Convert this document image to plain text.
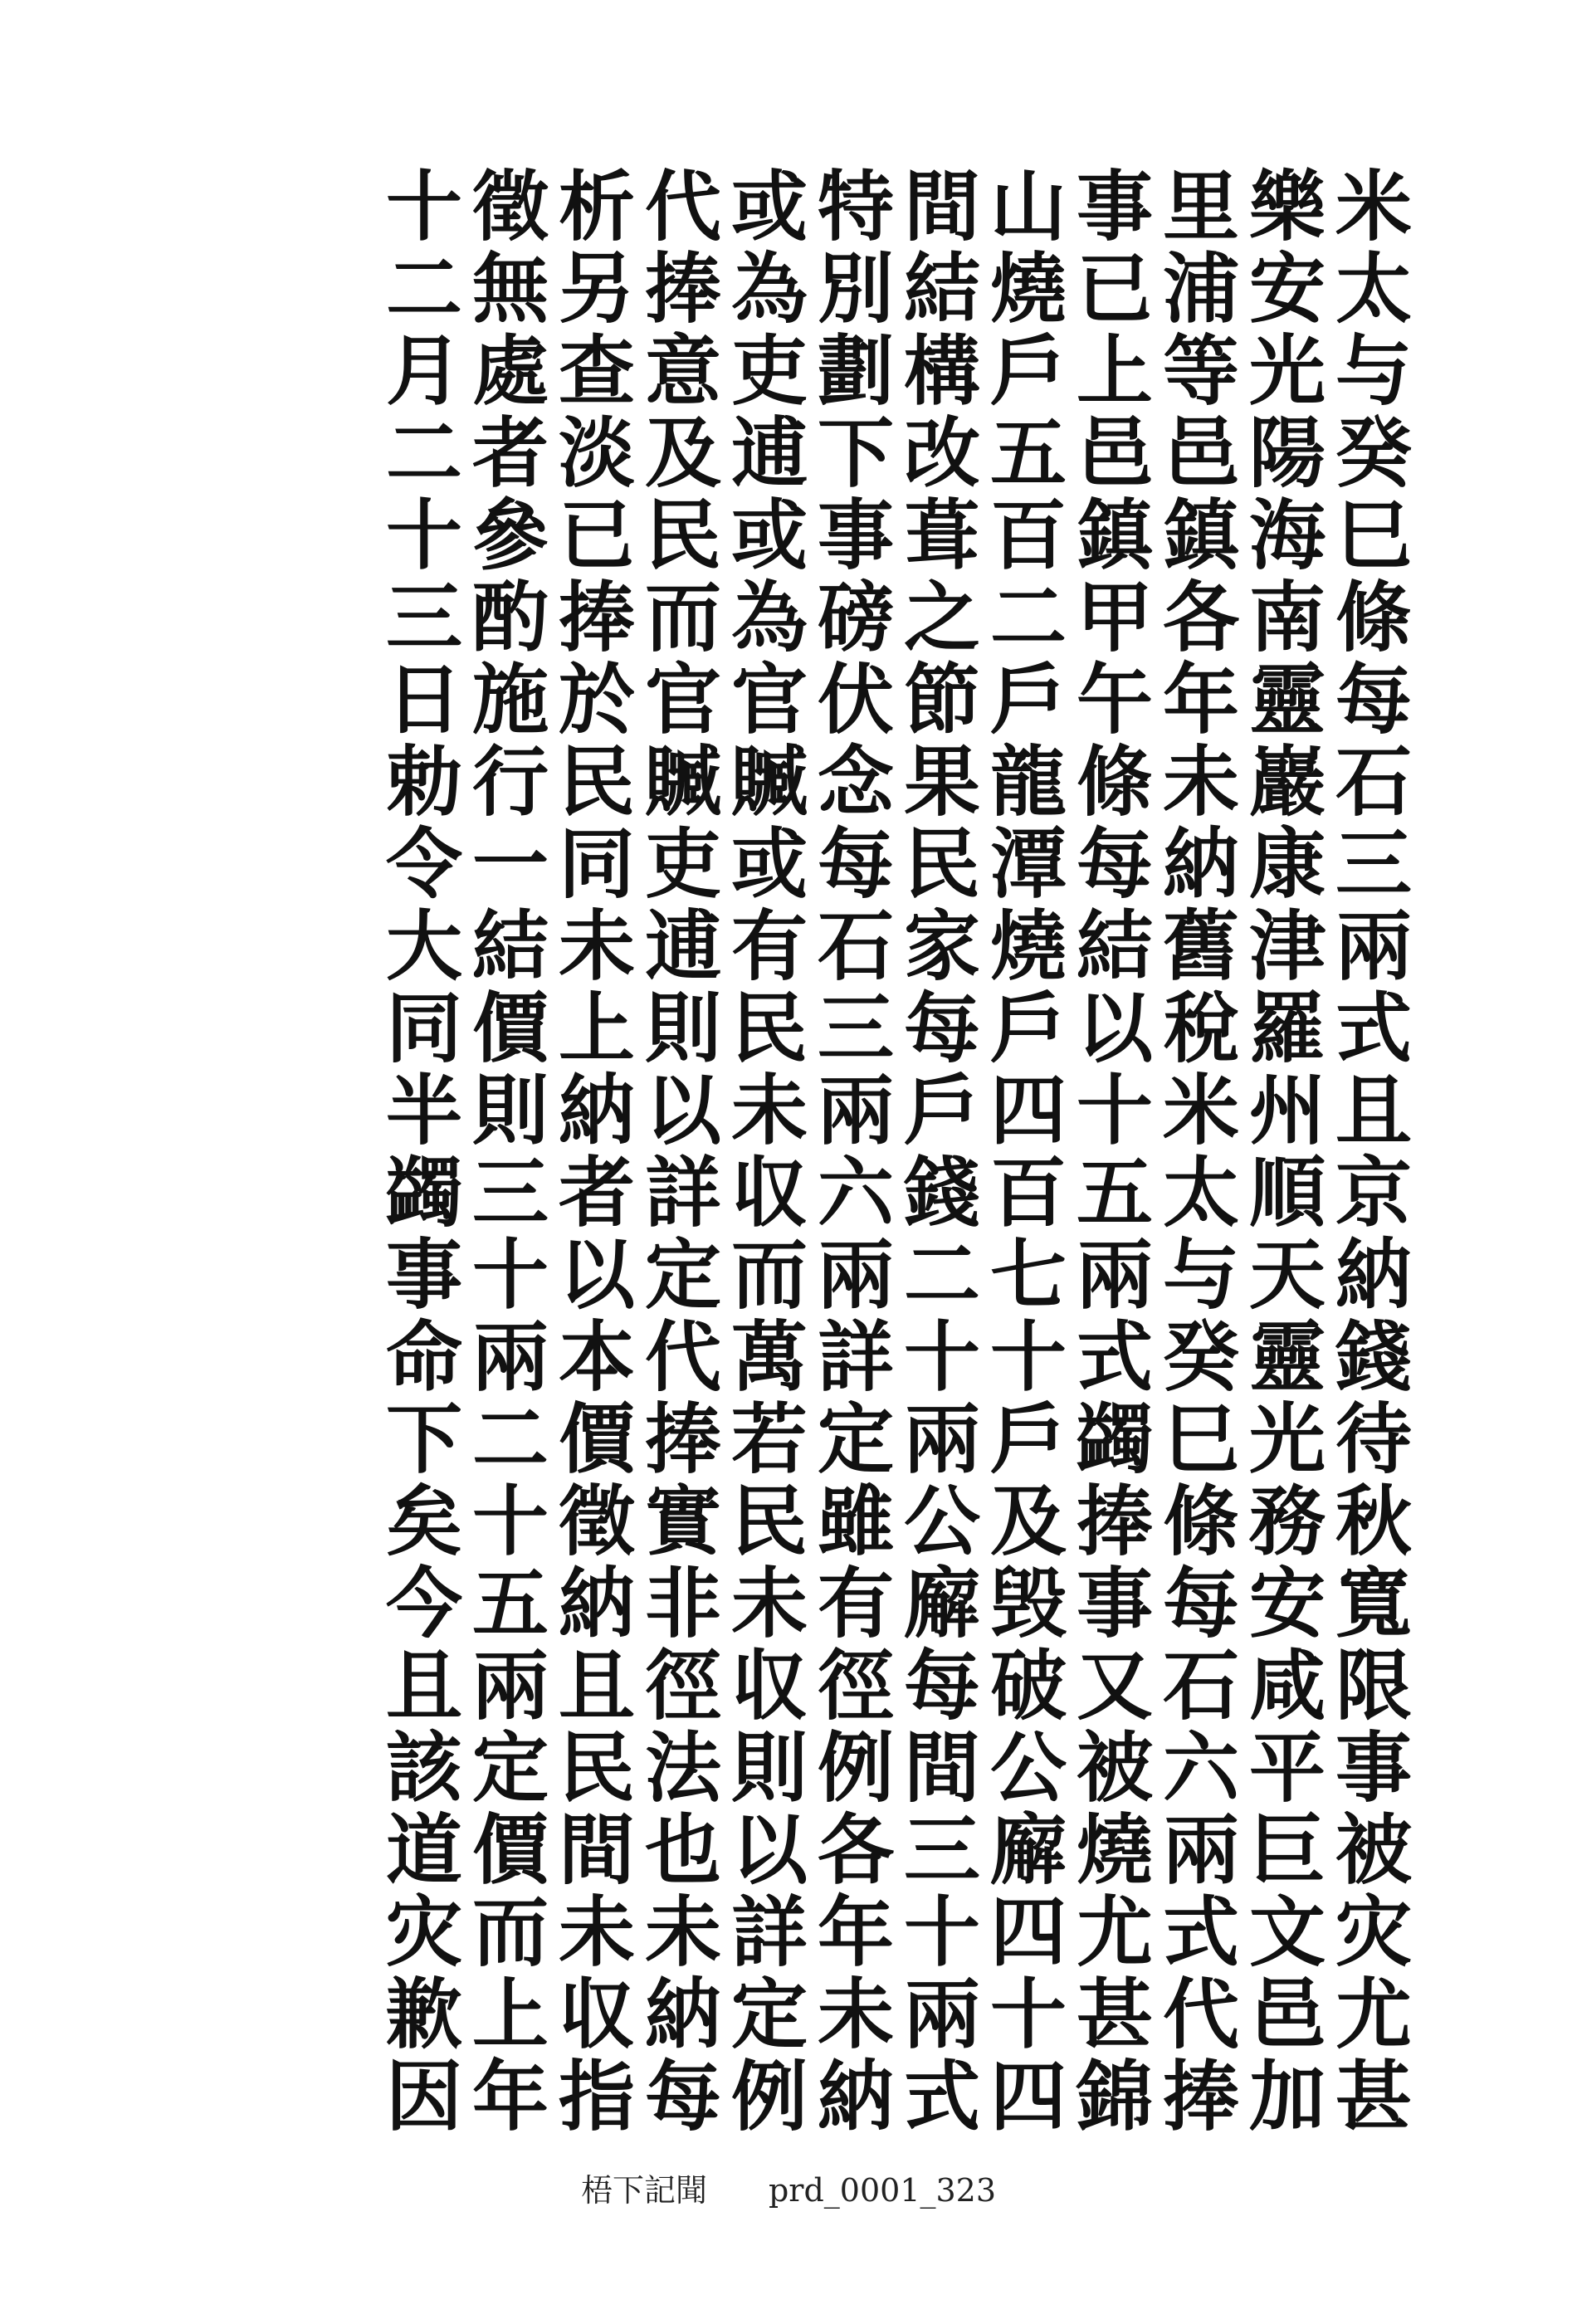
米太与癸巳條每石三兩式且京納錢待秋寬限事被灾尤甚
樂安光陽海南靈巖康津羅州順天靈光務安咸平巨文邑加
里浦等邑鎮各年未納舊稅米太与癸巳條每石六兩式代捧
事已上邑鎮甲午條每結以十五兩式蠲捧事又被燒尤甚錦
山燒戶五百二戶龍潭燒戶四百七十戶及毁破公廨四十四
間結構改葺之節果民家每戶錢二十兩公廨每間三十兩式
特別劃下事磅伏念每石三兩六兩詳定雖有徑例各年未納
或為吏逋或為官贓或有民未収而萬若民未収則以詳定例
代捧意及民而官贓吏逋則以詳定代捧實非徑法也未納每
析另查淡已捧於民同未上納者以本價徵納且民間未収指
徵無處者參酌施行一結價則三十兩二十五兩定價而上年
十二月二十三日勅令大同半蠲事命下矣今且該道灾歉因
梧下記聞 prd_0001_323
